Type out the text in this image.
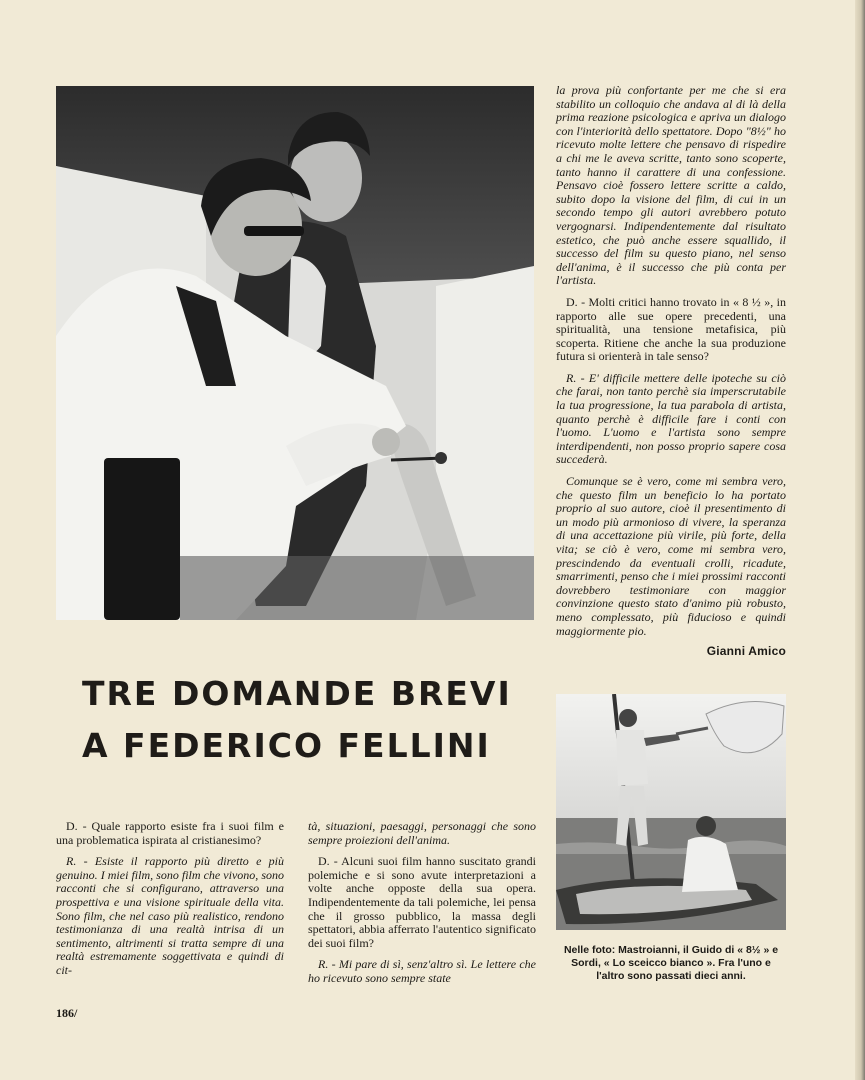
la prova più confortante per me che si era stabilito un colloquio che andava al di là della prima reazione psicologica e apriva un dialogo con l'interiorità dello spettatore. Dopo "8½" ho ricevuto molte lettere che pensavo di rispedire a chi me le aveva scritte, tanto sono scoperte, tanto hanno il carattere di una confessione. Pensavo cioè fossero lettere scritte a caldo, subito dopo la visione del film, di cui in un secondo tempo gli autori avrebbero potuto vergognarsi. Indipendentemente dal risultato estetico, che può anche essere squallido, il successo del film su questo piano, nel senso dell'anima, è il successo che più conta per l'artista.

D. - Molti critici hanno trovato in « 8 ½ », in rapporto alle sue opere precedenti, una spiritualità, una tensione metafisica, più scoperta. Ritiene che anche la sua produzione futura si orienterà in tale senso?

R. - E' difficile mettere delle ipoteche su ciò che farai, non tanto perchè sia imperscrutabile la tua progressione, la tua parabola di artista, quanto perchè è difficile fare i conti con l'uomo. L'uomo e l'artista sono sempre interdipendenti, non posso proprio sapere cosa succederà.

Comunque se è vero, come mi sembra vero, che questo film un beneficio lo ha portato proprio al suo autore, cioè il presentimento di un modo più armonioso di vivere, la speranza di una accettazione più virile, più forte, della vita; se ciò è vero, come mi sembra vero, prescindendo da eventuali crolli, ricadute, smarrimenti, penso che i miei prossimi racconti dovrebbero testimoniare con maggior convinzione questo stato d'animo più robusto, meno complessato, più fiducioso e quindi maggiormente pio.

Gianni Amico
TRE DOMANDE BREVI
A FEDERICO FELLINI

D. - Quale rapporto esiste fra i suoi film e una problematica ispirata al cristianesimo?

R. - Esiste il rapporto più diretto e più genuino. I miei film, sono film che vivono, sono racconti che si configurano, attraverso una prospettiva e una visione spirituale della vita. Sono film, che nel caso più realistico, rendono testimonianza di una realtà intrisa di un sentimento, altrimenti si tratta sempre di una realtà estremamente soggettivata e quindi di cit-

tà, situazioni, paesaggi, personaggi che sono sempre proiezioni dell'anima.

D. - Alcuni suoi film hanno suscitato grandi polemiche e si sono avute interpretazioni a volte anche opposte della sua opera. Indipendentemente da tali polemiche, lei pensa che il grosso pubblico, la massa degli spettatori, abbia afferrato l'autentico significato dei suoi film?

R. - Mi pare di sì, senz'altro sì. Le lettere che ho ricevuto sono sempre state

Nelle foto: Mastroianni, il Guido di « 8½ » e Sordi, « Lo sceicco bianco ». Fra l'uno e l'altro sono passati dieci anni.
186/
